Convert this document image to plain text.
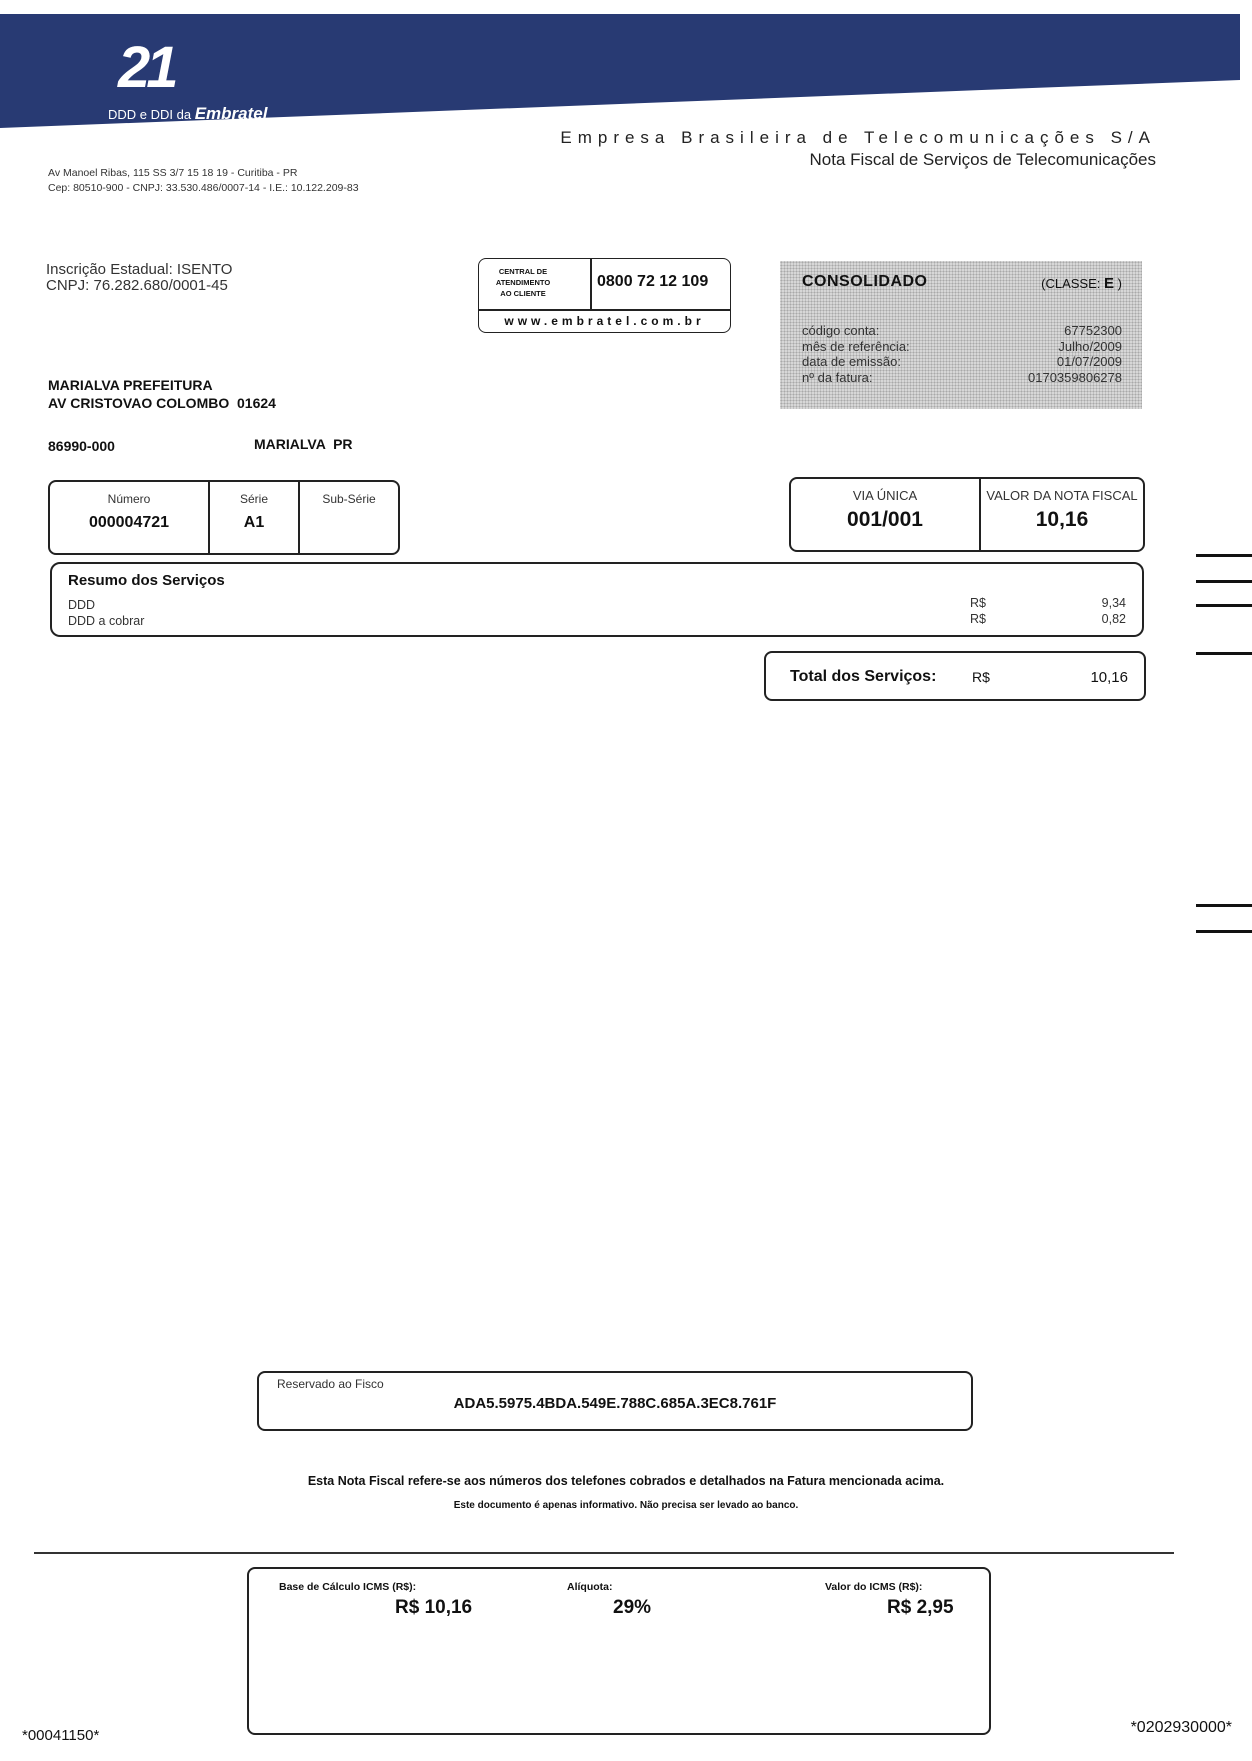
21
DDD e DDI da Embratel
Empresa Brasileira de Telecomunicações S/A
Nota Fiscal de Serviços de Telecomunicações
Av Manoel Ribas, 115 SS 3/7 15 18 19 - Curitiba - PR
Cep: 80510-900 - CNPJ: 33.530.486/0007-14 - I.E.: 10.122.209-83
Inscrição Estadual: ISENTO
CNPJ: 76.282.680/0001-45
CENTRAL DE
ATENDIMENTO
AO CLIENTE
0800 72 12 109
www.embratel.com.br
CONSOLIDADO	(CLASSE: E )
código conta:	67752300
mês de referência:	Julho/2009
data de emissão:	01/07/2009
nº da fatura:	0170359806278
MARIALVA PREFEITURA
AV CRISTOVAO COLOMBO  01624
86990-000	MARIALVA  PR
Número
000004721
Série
A1
Sub-Série	VIA ÚNICA
001/001
VALOR DA NOTA FISCAL
10,16
Resumo dos Serviços
DDD	R$	9,34
DDD a cobrar	R$	0,82
Total dos Serviços:	R$	10,16
Reservado ao Fisco
ADA5.5975.4BDA.549E.788C.685A.3EC8.761F
Esta Nota Fiscal refere-se aos números dos telefones cobrados e detalhados na Fatura mencionada acima.
Este documento é apenas informativo. Não precisa ser levado ao banco.
Base de Cálculo ICMS (R$):
R$ 10,16
Alíquota:
29%
Valor do ICMS (R$):
R$ 2,95
*00041150*	*0202930000*
